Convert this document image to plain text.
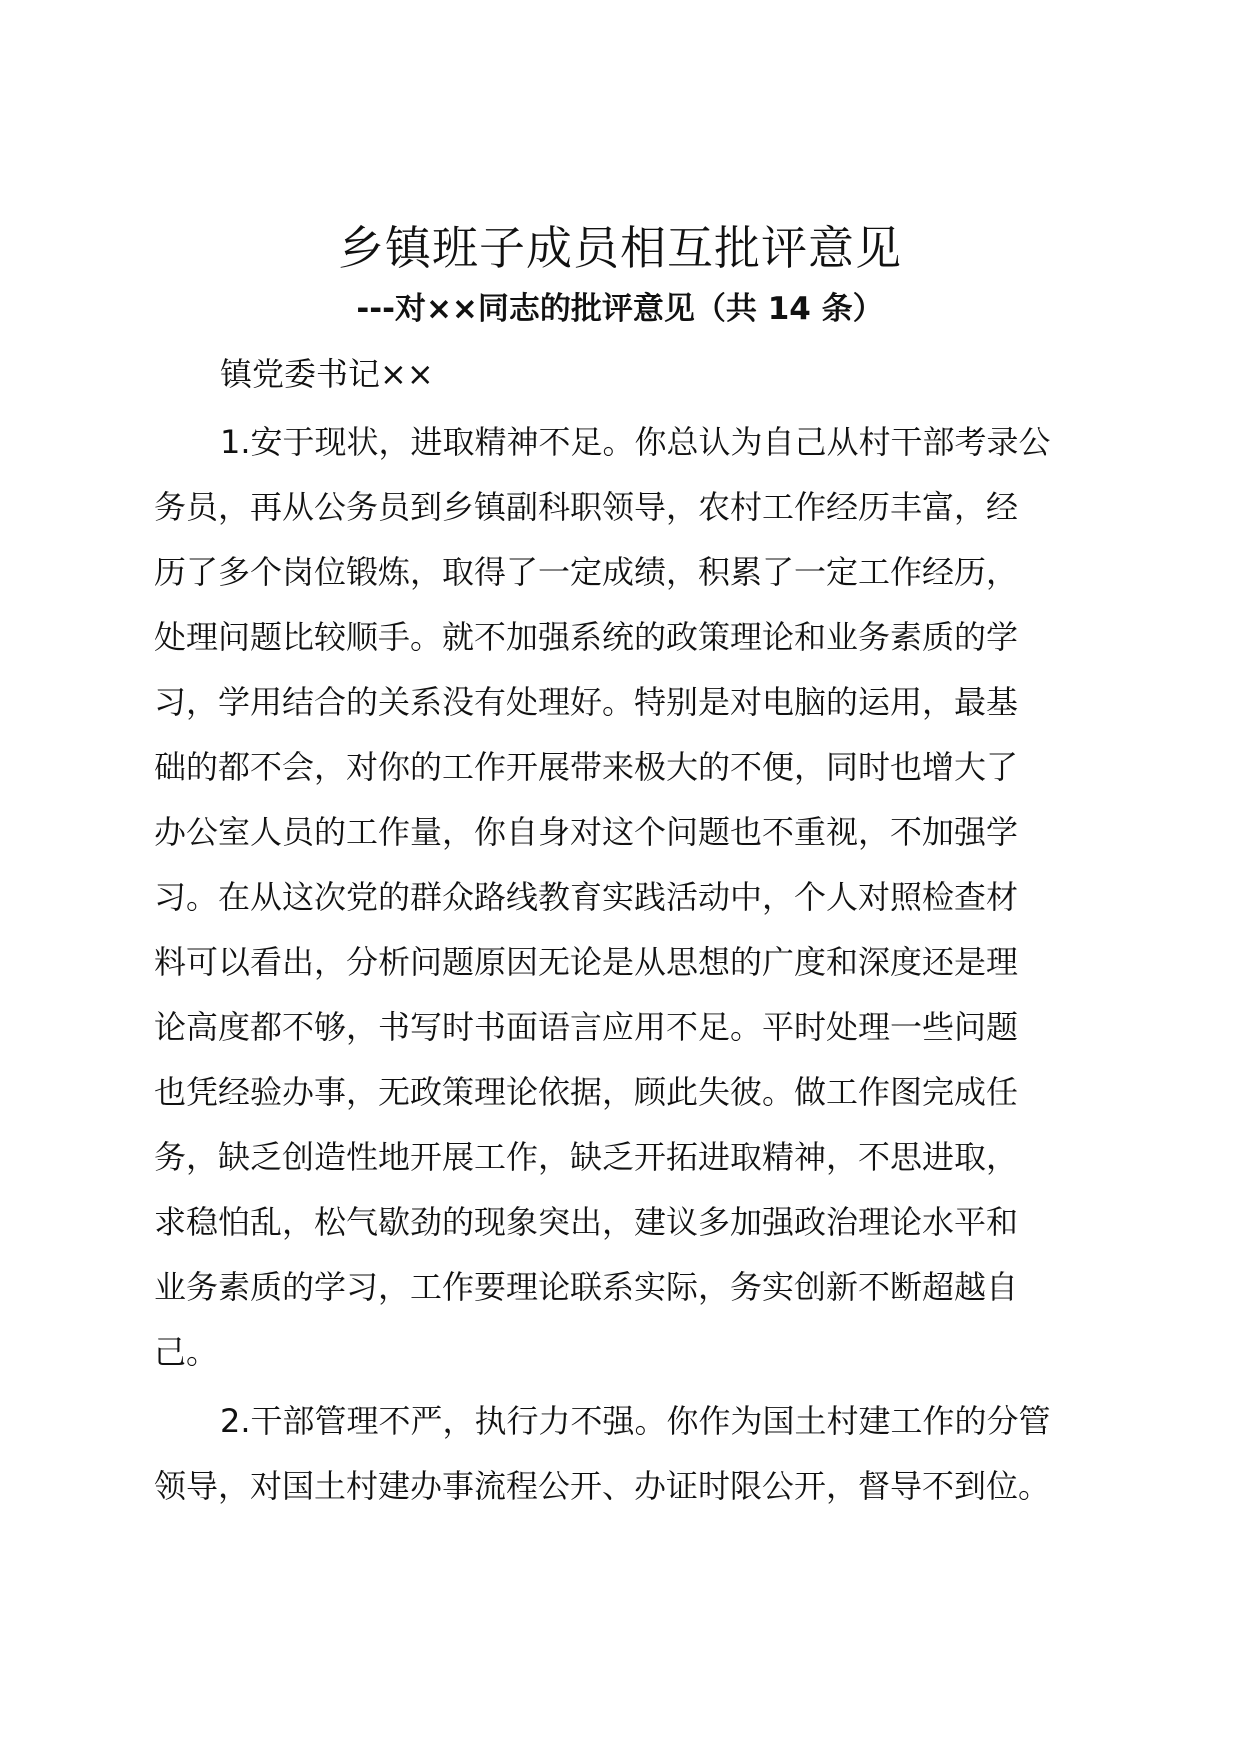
乡镇班子成员相互批评意见
---对××同志的批评意见（共 14 条）

镇党委书记××

1.安于现状，进取精神不足。你总认为自己从村干部考录公
务员，再从公务员到乡镇副科职领导，农村工作经历丰富，经
历了多个岗位锻炼，取得了一定成绩，积累了一定工作经历，
处理问题比较顺手。就不加强系统的政策理论和业务素质的学
习，学用结合的关系没有处理好。特别是对电脑的运用，最基
础的都不会，对你的工作开展带来极大的不便，同时也增大了
办公室人员的工作量，你自身对这个问题也不重视，不加强学
习。在从这次党的群众路线教育实践活动中，个人对照检查材
料可以看出，分析问题原因无论是从思想的广度和深度还是理
论高度都不够，书写时书面语言应用不足。平时处理一些问题
也凭经验办事，无政策理论依据，顾此失彼。做工作图完成任
务，缺乏创造性地开展工作，缺乏开拓进取精神，不思进取，
求稳怕乱，松气歇劲的现象突出，建议多加强政治理论水平和
业务素质的学习，工作要理论联系实际，务实创新不断超越自
己。
2.干部管理不严，执行力不强。你作为国土村建工作的分管
领导，对国土村建办事流程公开、办证时限公开，督导不到位。
